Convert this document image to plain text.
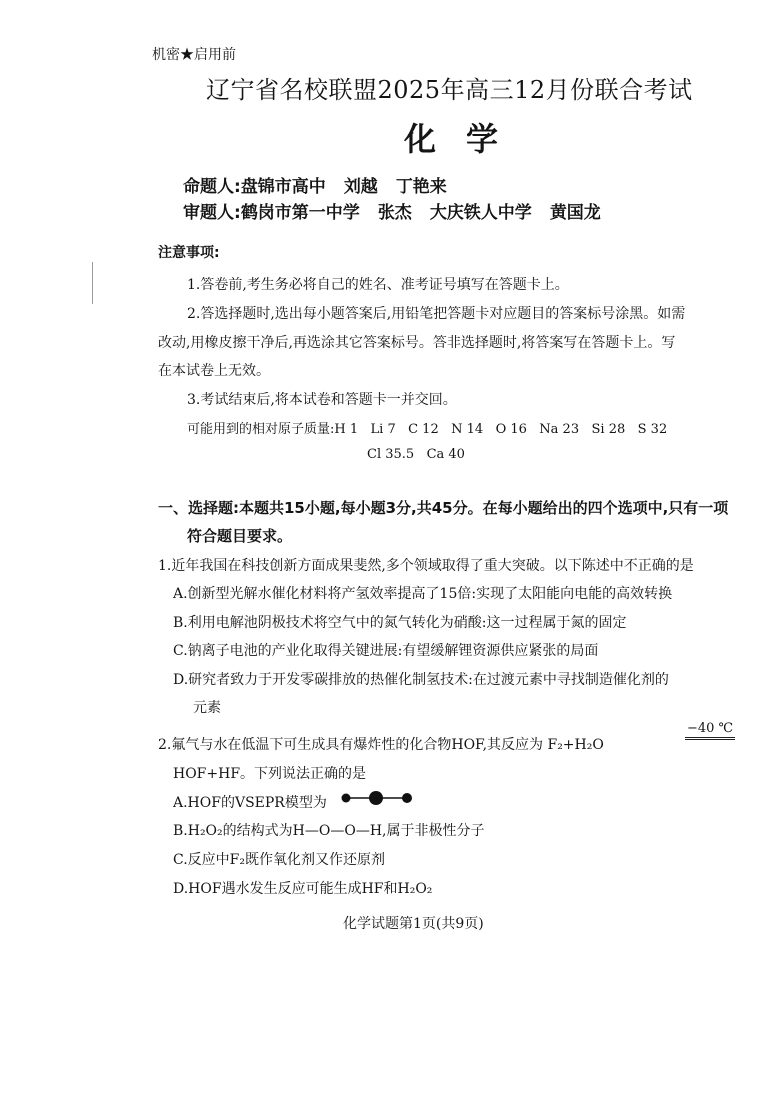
机密★启用前
辽宁省名校联盟2025年高三12月份联合考试
化学
命题人:盘锦市高中 刘越 丁艳来
审题人:鹤岗市第一中学 张杰 大庆铁人中学 黄国龙
注意事项:
1.答卷前,考生务必将自己的姓名、准考证号填写在答题卡上。
2.答选择题时,选出每小题答案后,用铅笔把答题卡对应题目的答案标号涂黑。如需
改动,用橡皮擦干净后,再选涂其它答案标号。答非选择题时,将答案写在答题卡上。写
在本试卷上无效。
3.考试结束后,将本试卷和答题卡一并交回。
可能用到的相对原子质量:H 1   Li 7   C 12   N 14   O 16   Na 23   Si 28   S 32
Cl 35.5   Ca 40
一、选择题:本题共15小题,每小题3分,共45分。在每小题给出的四个选项中,只有一项
符合题目要求。
1.近年我国在科技创新方面成果斐然,多个领域取得了重大突破。以下陈述中不正确的是
A.创新型光解水催化材料将产氢效率提高了15倍:实现了太阳能向电能的高效转换
B.利用电解池阴极技术将空气中的氮气转化为硝酸:这一过程属于氮的固定
C.钠离子电池的产业化取得关键进展:有望缓解锂资源供应紧张的局面
D.研究者致力于开发零碳排放的热催化制氢技术:在过渡元素中寻找制造催化剂的
元素
2.氟气与水在低温下可生成具有爆炸性的化合物HOF,其反应为 F₂+H₂O
−40 ℃
HOF+HF。下列说法正确的是
A.HOF的VSEPR模型为
B.H₂O₂的结构式为H—O—O—H,属于非极性分子
C.反应中F₂既作氧化剂又作还原剂
D.HOF遇水发生反应可能生成HF和H₂O₂
化学试题第1页(共9页)
